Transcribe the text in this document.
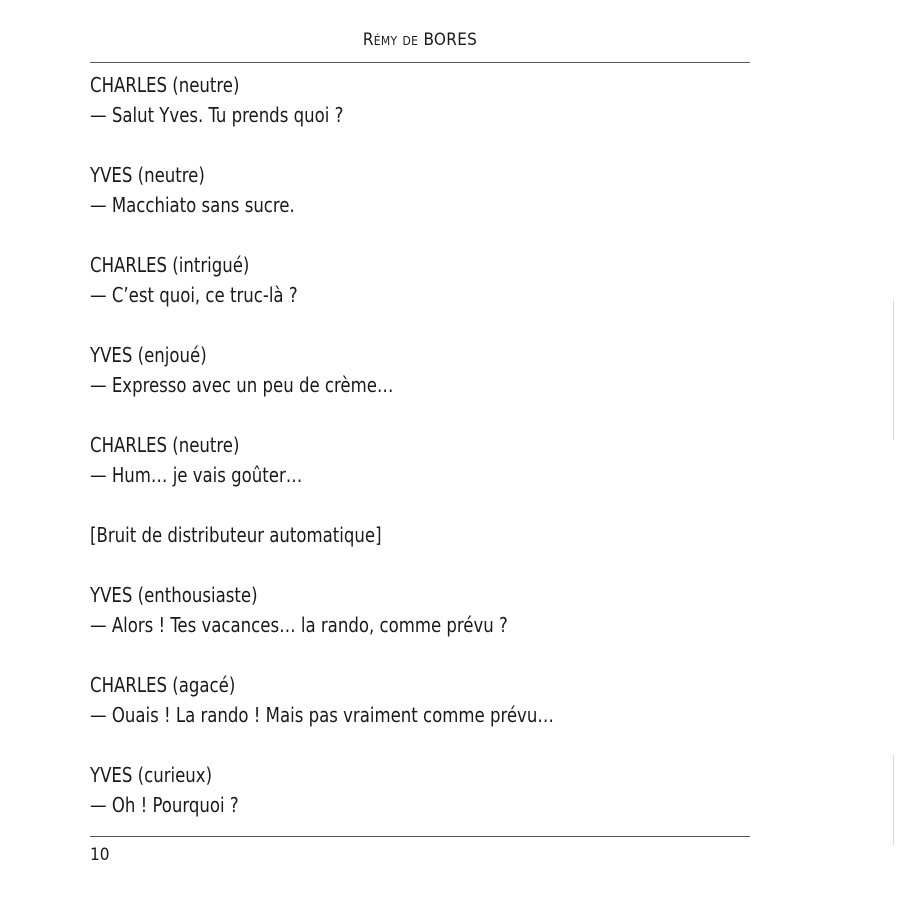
Rémy de BORES
CHARLES (neutre)
— Salut Yves. Tu prends quoi ?
YVES (neutre)
— Macchiato sans sucre.
CHARLES (intrigué)
— C’est quoi, ce truc-là ?
YVES (enjoué)
— Expresso avec un peu de crème…
CHARLES (neutre)
— Hum… je vais goûter…
[Bruit de distributeur automatique]
YVES (enthousiaste)
— Alors ! Tes vacances… la rando, comme prévu ?
CHARLES (agacé)
— Ouais ! La rando ! Mais pas vraiment comme prévu…
YVES (curieux)
— Oh ! Pourquoi ?
10
